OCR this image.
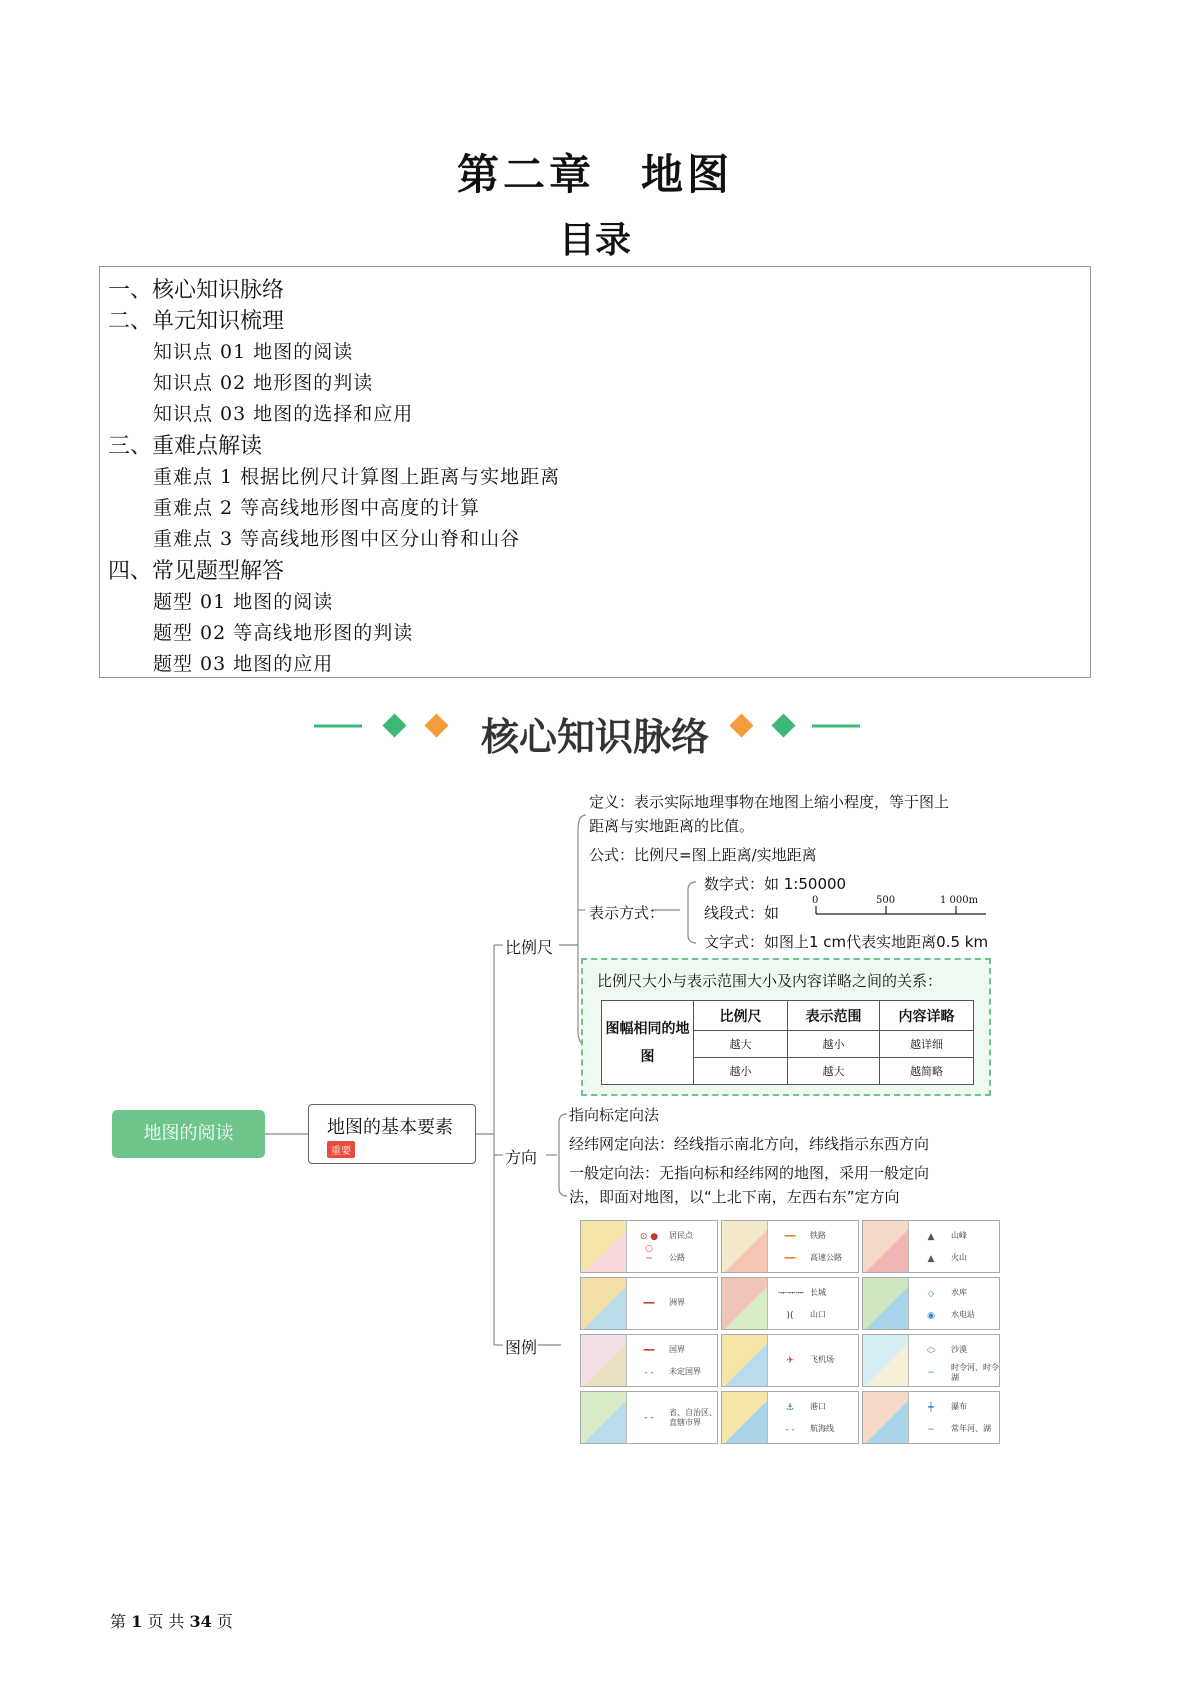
第二章　地图
目录
一、核心知识脉络
二、单元知识梳理
知识点 01 地图的阅读
知识点 02 地形图的判读
知识点 03 地图的选择和应用
三、重难点解读
重难点 1 根据比例尺计算图上距离与实地距离
重难点 2 等高线地形图中高度的计算
重难点 3 等高线地形图中区分山脊和山谷
四、常见题型解答
题型 01 地图的阅读
题型 02 等高线地形图的判读
题型 03 地图的应用
核心知识脉络
地图的阅读	地图的基本要素
重要
比例尺
方向
图例
定义：表示实际地理事物在地图上缩小程度，等于图上
距离与实地距离的比值。
公式：比例尺=图上距离/实地距离
表示方式：
数字式：如 1:50000
线段式：如
0	500	1 000m
文字式：如图上1 cm代表实地距离0.5 km
比例尺大小与表示范围大小及内容详略之间的关系：
图幅相同的地图	比例尺	表示范围	内容详略
	越大	越小	越详细
	越小	越大	越简略
指向标定向法
经纬网定向法：经线指示南北方向，纬线指示东西方向
一般定向法：无指向标和经纬网的地图，采用一般定向
法，即面对地图，以“上北下南，左西右东”定方向
⊙ ● ○
居民点
~	公路
━━	铁路
━━	高速公路
▲	山峰
▲	火山
━━	洲界
ᅲᅲᅲ 长城
)(	山口
◇	水库
◉	水电站
━━	国界
- -	未定国界
✈	飞机场
⬭	沙漠
~
时令河、时令湖
- -
省、自治区、直辖市界
⚓	港口
- -	航海线
┿	瀑布
~	常年河、湖
第 1 页 共 34 页
